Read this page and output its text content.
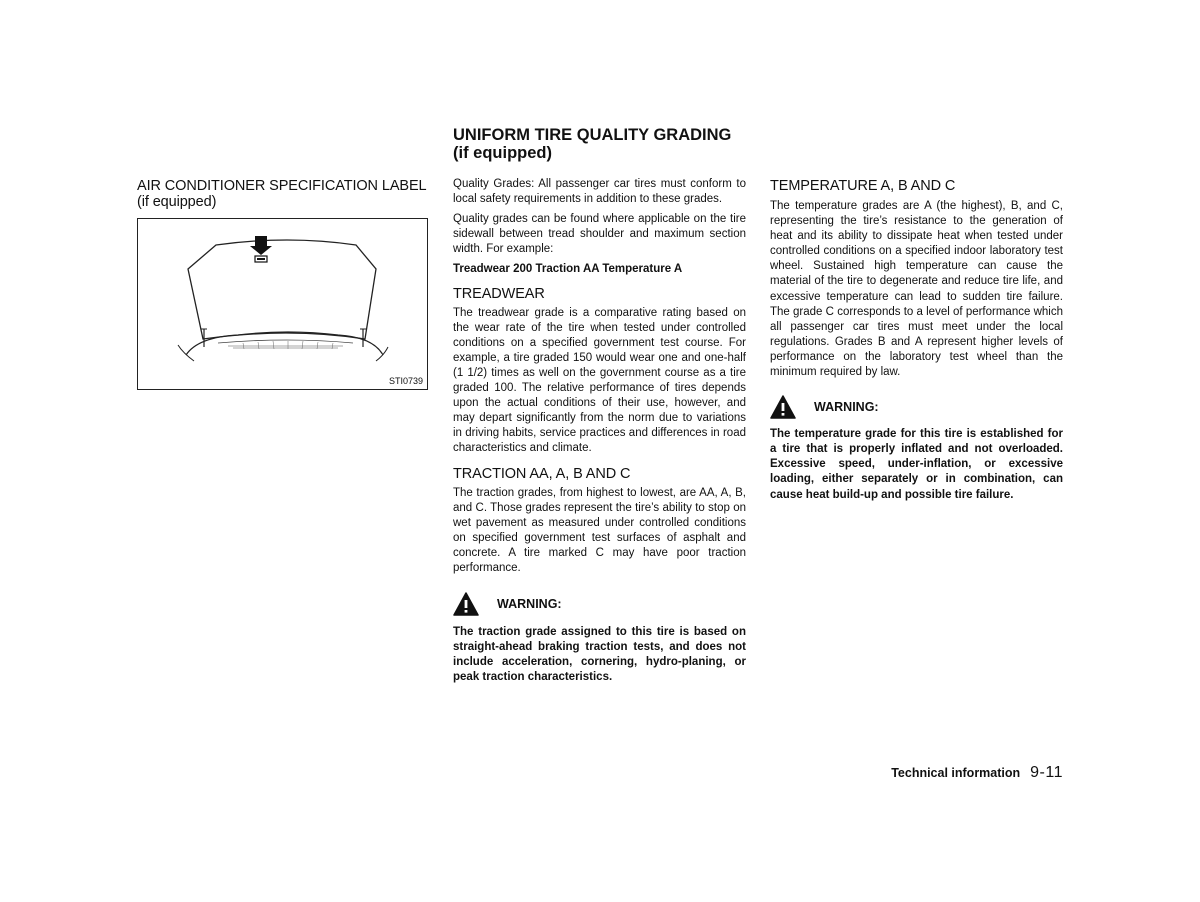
AIR CONDITIONER SPECIFICATION LABEL
(if equipped)
STI0739
UNIFORM TIRE QUALITY GRADING
(if equipped)

Quality Grades: All passenger car tires must conform to local safety requirements in addition to these grades.

Quality grades can be found where applicable on the tire sidewall between tread shoulder and maximum section width. For example:

Treadwear 200 Traction AA Temperature A

TREADWEAR

The treadwear grade is a comparative rating based on the wear rate of the tire when tested under controlled conditions on a specified government test course. For example, a tire graded 150 would wear one and one-half (1 1/2) times as well on the government course as a tire graded 100. The relative performance of tires depends upon the actual conditions of their use, however, and may depart significantly from the norm due to variations in driving habits, service practices and differences in road characteristics and climate.

TRACTION AA, A, B AND C

The traction grades, from highest to lowest, are AA, A, B, and C. Those grades represent the tire’s ability to stop on wet pavement as measured under controlled conditions on specified government test surfaces of asphalt and concrete. A tire marked C may have poor traction performance.

WARNING:

The traction grade assigned to this tire is based on straight-ahead braking traction tests, and does not include acceleration, cornering, hydro-planing, or peak traction characteristics.

TEMPERATURE A, B AND C

The temperature grades are A (the highest), B, and C, representing the tire’s resistance to the generation of heat and its ability to dissipate heat when tested under controlled conditions on a specified indoor laboratory test wheel. Sustained high temperature can cause the material of the tire to degenerate and reduce tire life, and excessive temperature can lead to sudden tire failure. The grade C corresponds to a level of performance which all passenger car tires must meet under the local regulations. Grades B and A represent higher levels of performance on the laboratory test wheel than the minimum required by law.

WARNING:

The temperature grade for this tire is established for a tire that is properly inflated and not overloaded. Excessive speed, under-inflation, or excessive loading, either separately or in combination, can cause heat build-up and possible tire failure.

Technical information 9-11
